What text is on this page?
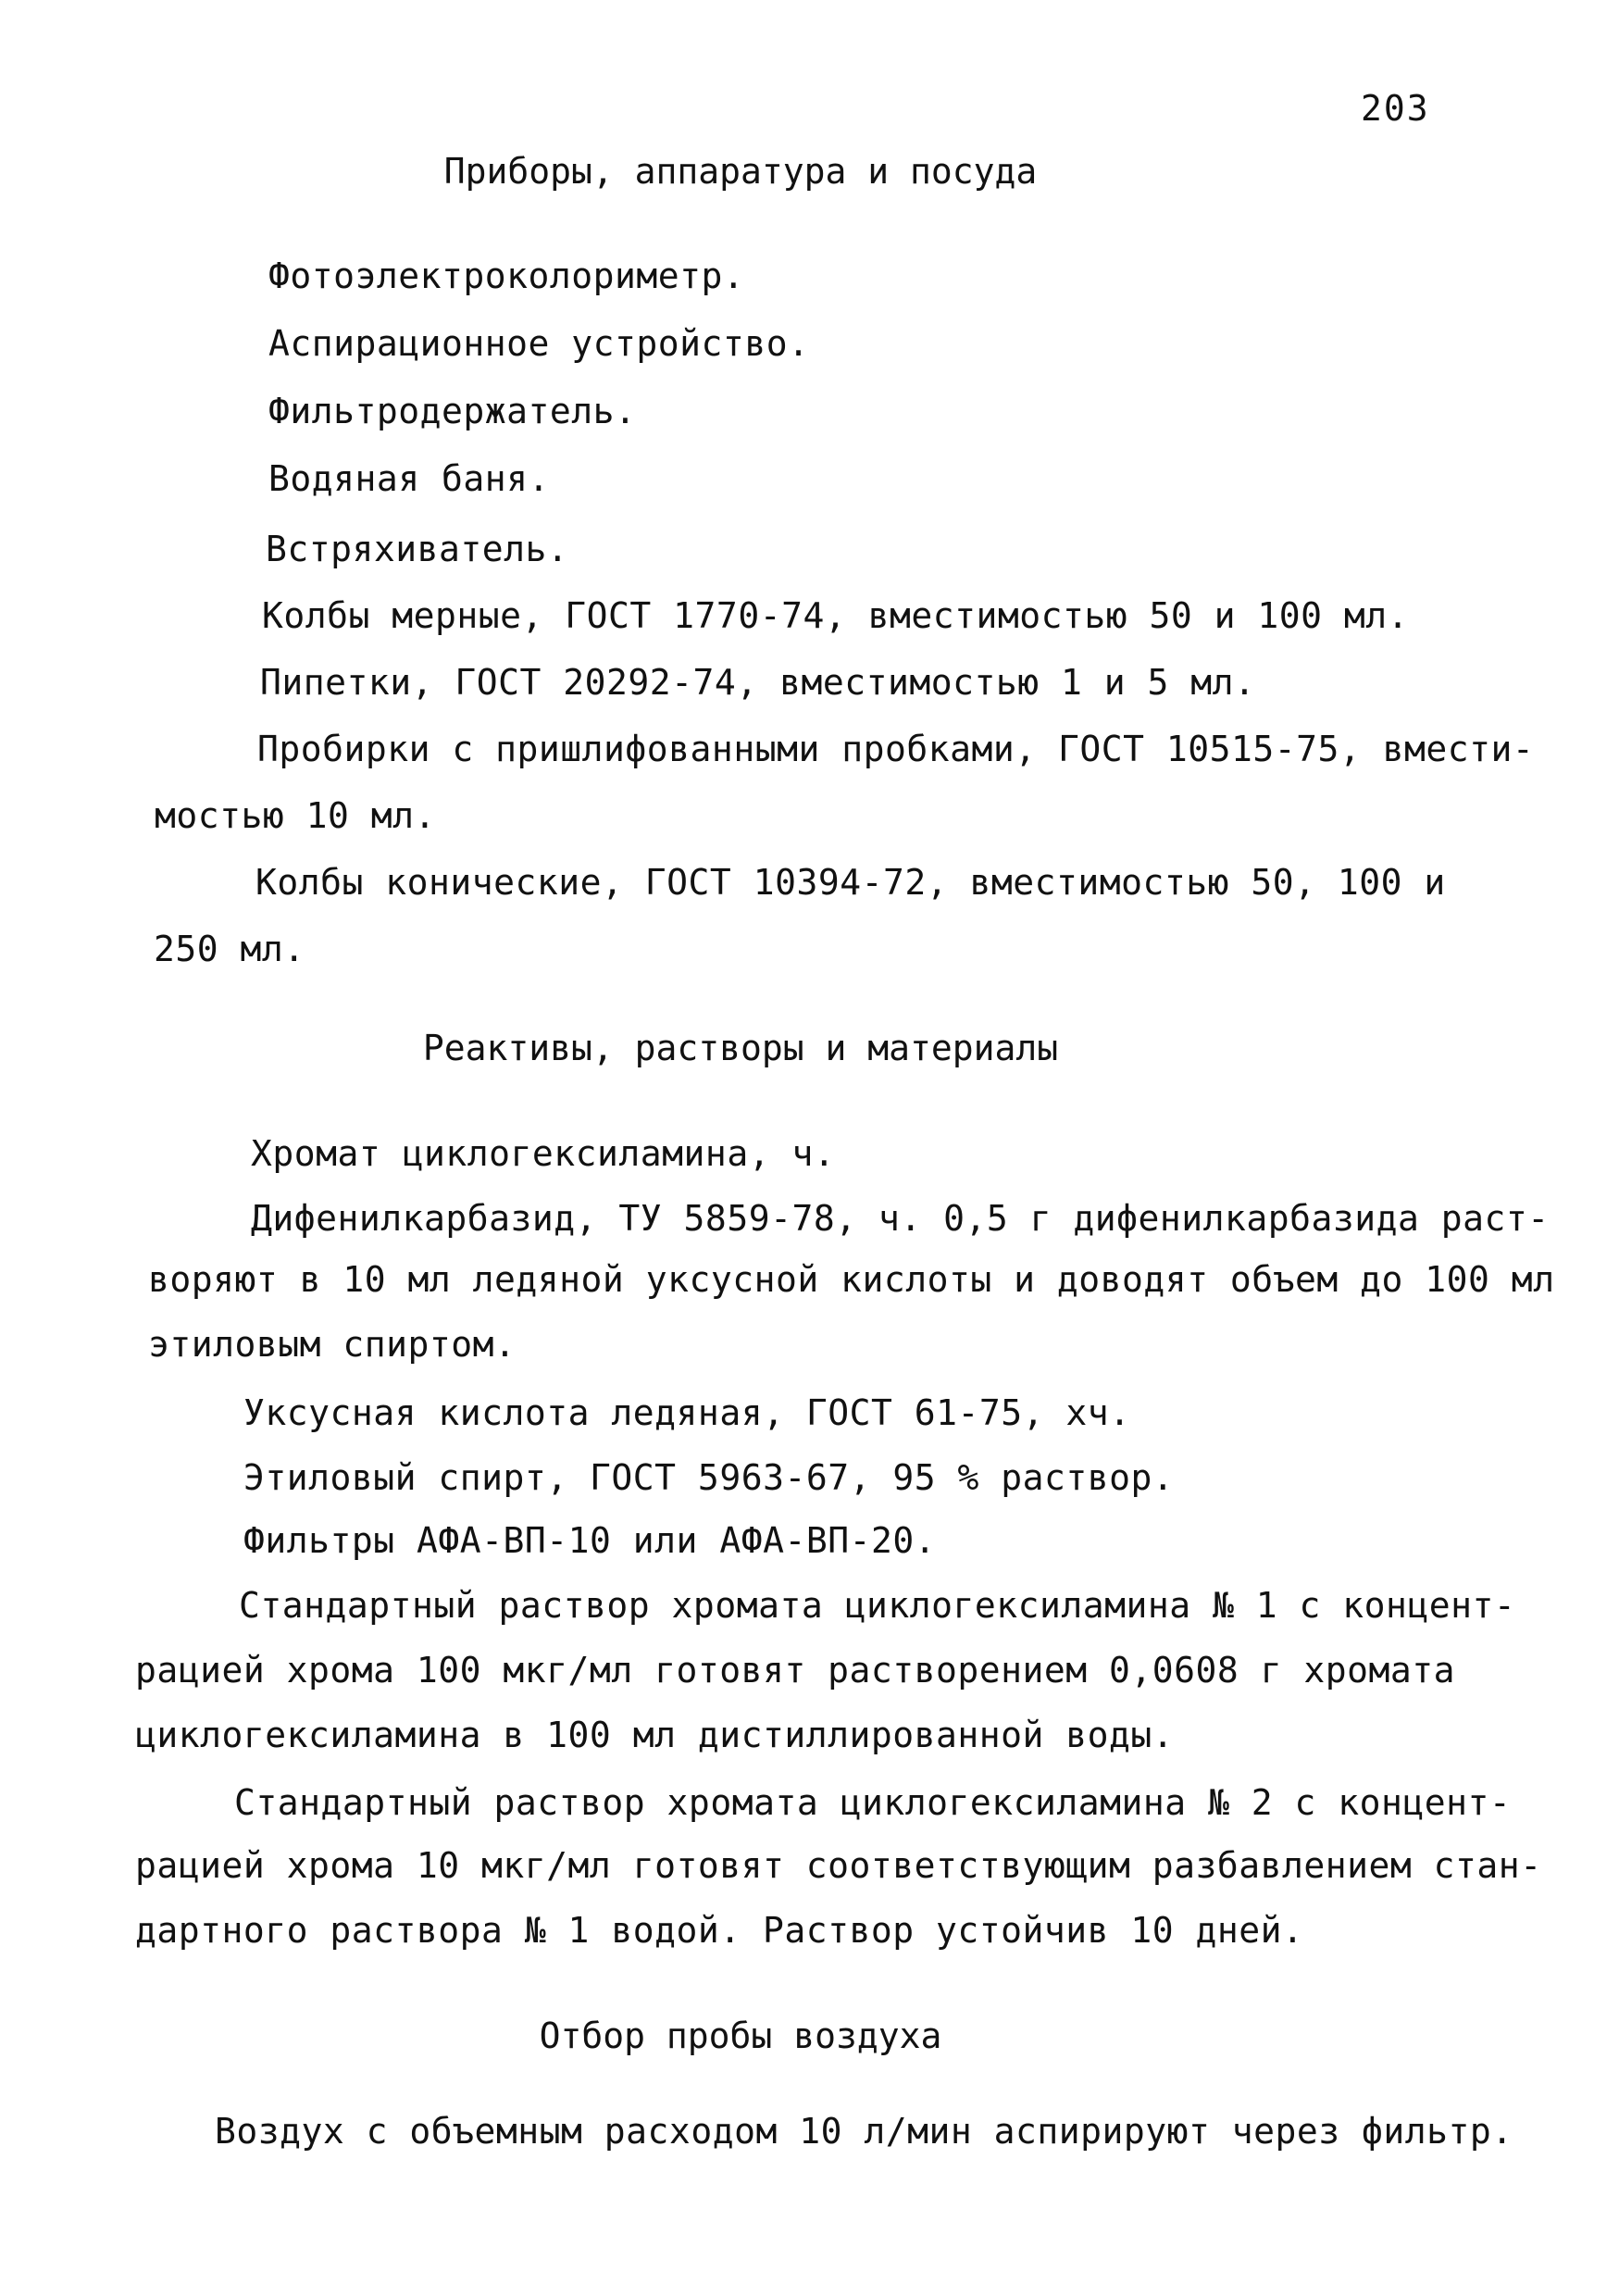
203
Приборы, аппаратура и посуда
Фотоэлектроколориметр.
Аспирационное устройство.
Фильтродержатель.
Водяная баня.
Встряхиватель.
Колбы мерные, ГОСТ 1770-74, вместимостью 50 и 100 мл.
Пипетки, ГОСТ 20292-74, вместимостью 1 и 5 мл.
Пробирки с пришлифованными пробками, ГОСТ 10515-75, вмести-
мостью 10 мл.
Колбы конические, ГОСТ 10394-72, вместимостью 50, 100 и
250 мл.
Реактивы, растворы и материалы
Хромат циклогексиламина, ч.
Дифенилкарбазид, ТУ 5859-78, ч. 0,5 г дифенилкарбазида раст-
воряют в 10 мл ледяной уксусной кислоты и доводят объем до 100 мл
этиловым спиртом.
Уксусная кислота ледяная, ГОСТ 61-75, хч.
Этиловый спирт, ГОСТ 5963-67, 95 % раствор.
Фильтры АФА-ВП-10 или АФА-ВП-20.
Стандартный раствор хромата циклогексиламина № 1 с концент-
рацией хрома 100 мкг/мл готовят растворением 0,0608 г хромата
циклогексиламина в 100 мл дистиллированной воды.
Стандартный раствор хромата циклогексиламина № 2 с концент-
рацией хрома 10 мкг/мл готовят соответствующим разбавлением стан-
дартного раствора № 1 водой. Раствор устойчив 10 дней.
Отбор пробы воздуха
Воздух с объемным расходом 10 л/мин аспирируют через фильтр.
